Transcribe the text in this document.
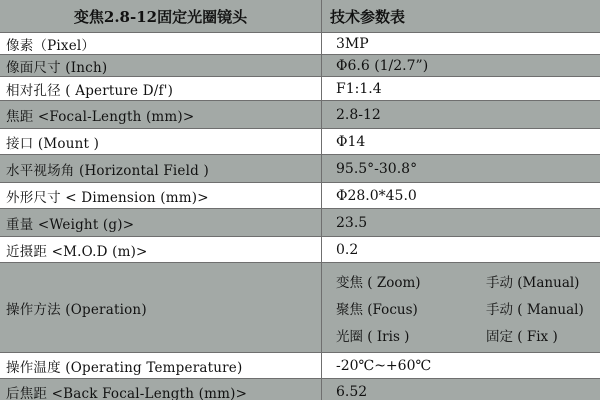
变焦2.8-12固定光圈镜头	技术参数表
像素（Pixel）	3MP
像面尺寸 (Inch)	Φ6.6 (1/2.7”)
相对孔径 ( Aperture D/f')	F1:1.4
焦距 <Focal-Length (mm)>	2.8-12
接口 (Mount )	Φ14
水平视场角 (Horizontal Field )	95.5°-30.8°
外形尺寸 < Dimension (mm)>	Φ28.0*45.0
重量 <Weight (g)>	23.5
近摄距 <M.O.D (m)>	0.2
操作方法 (Operation)
变焦 ( Zoom)	手动 (Manual)
聚焦 (Focus)	手动 ( Manual)
光圈 ( Iris )	固定 ( Fix )
操作温度 (Operating Temperature)	-20℃~+60℃
后焦距 <Back Focal-Length (mm)>	6.52
